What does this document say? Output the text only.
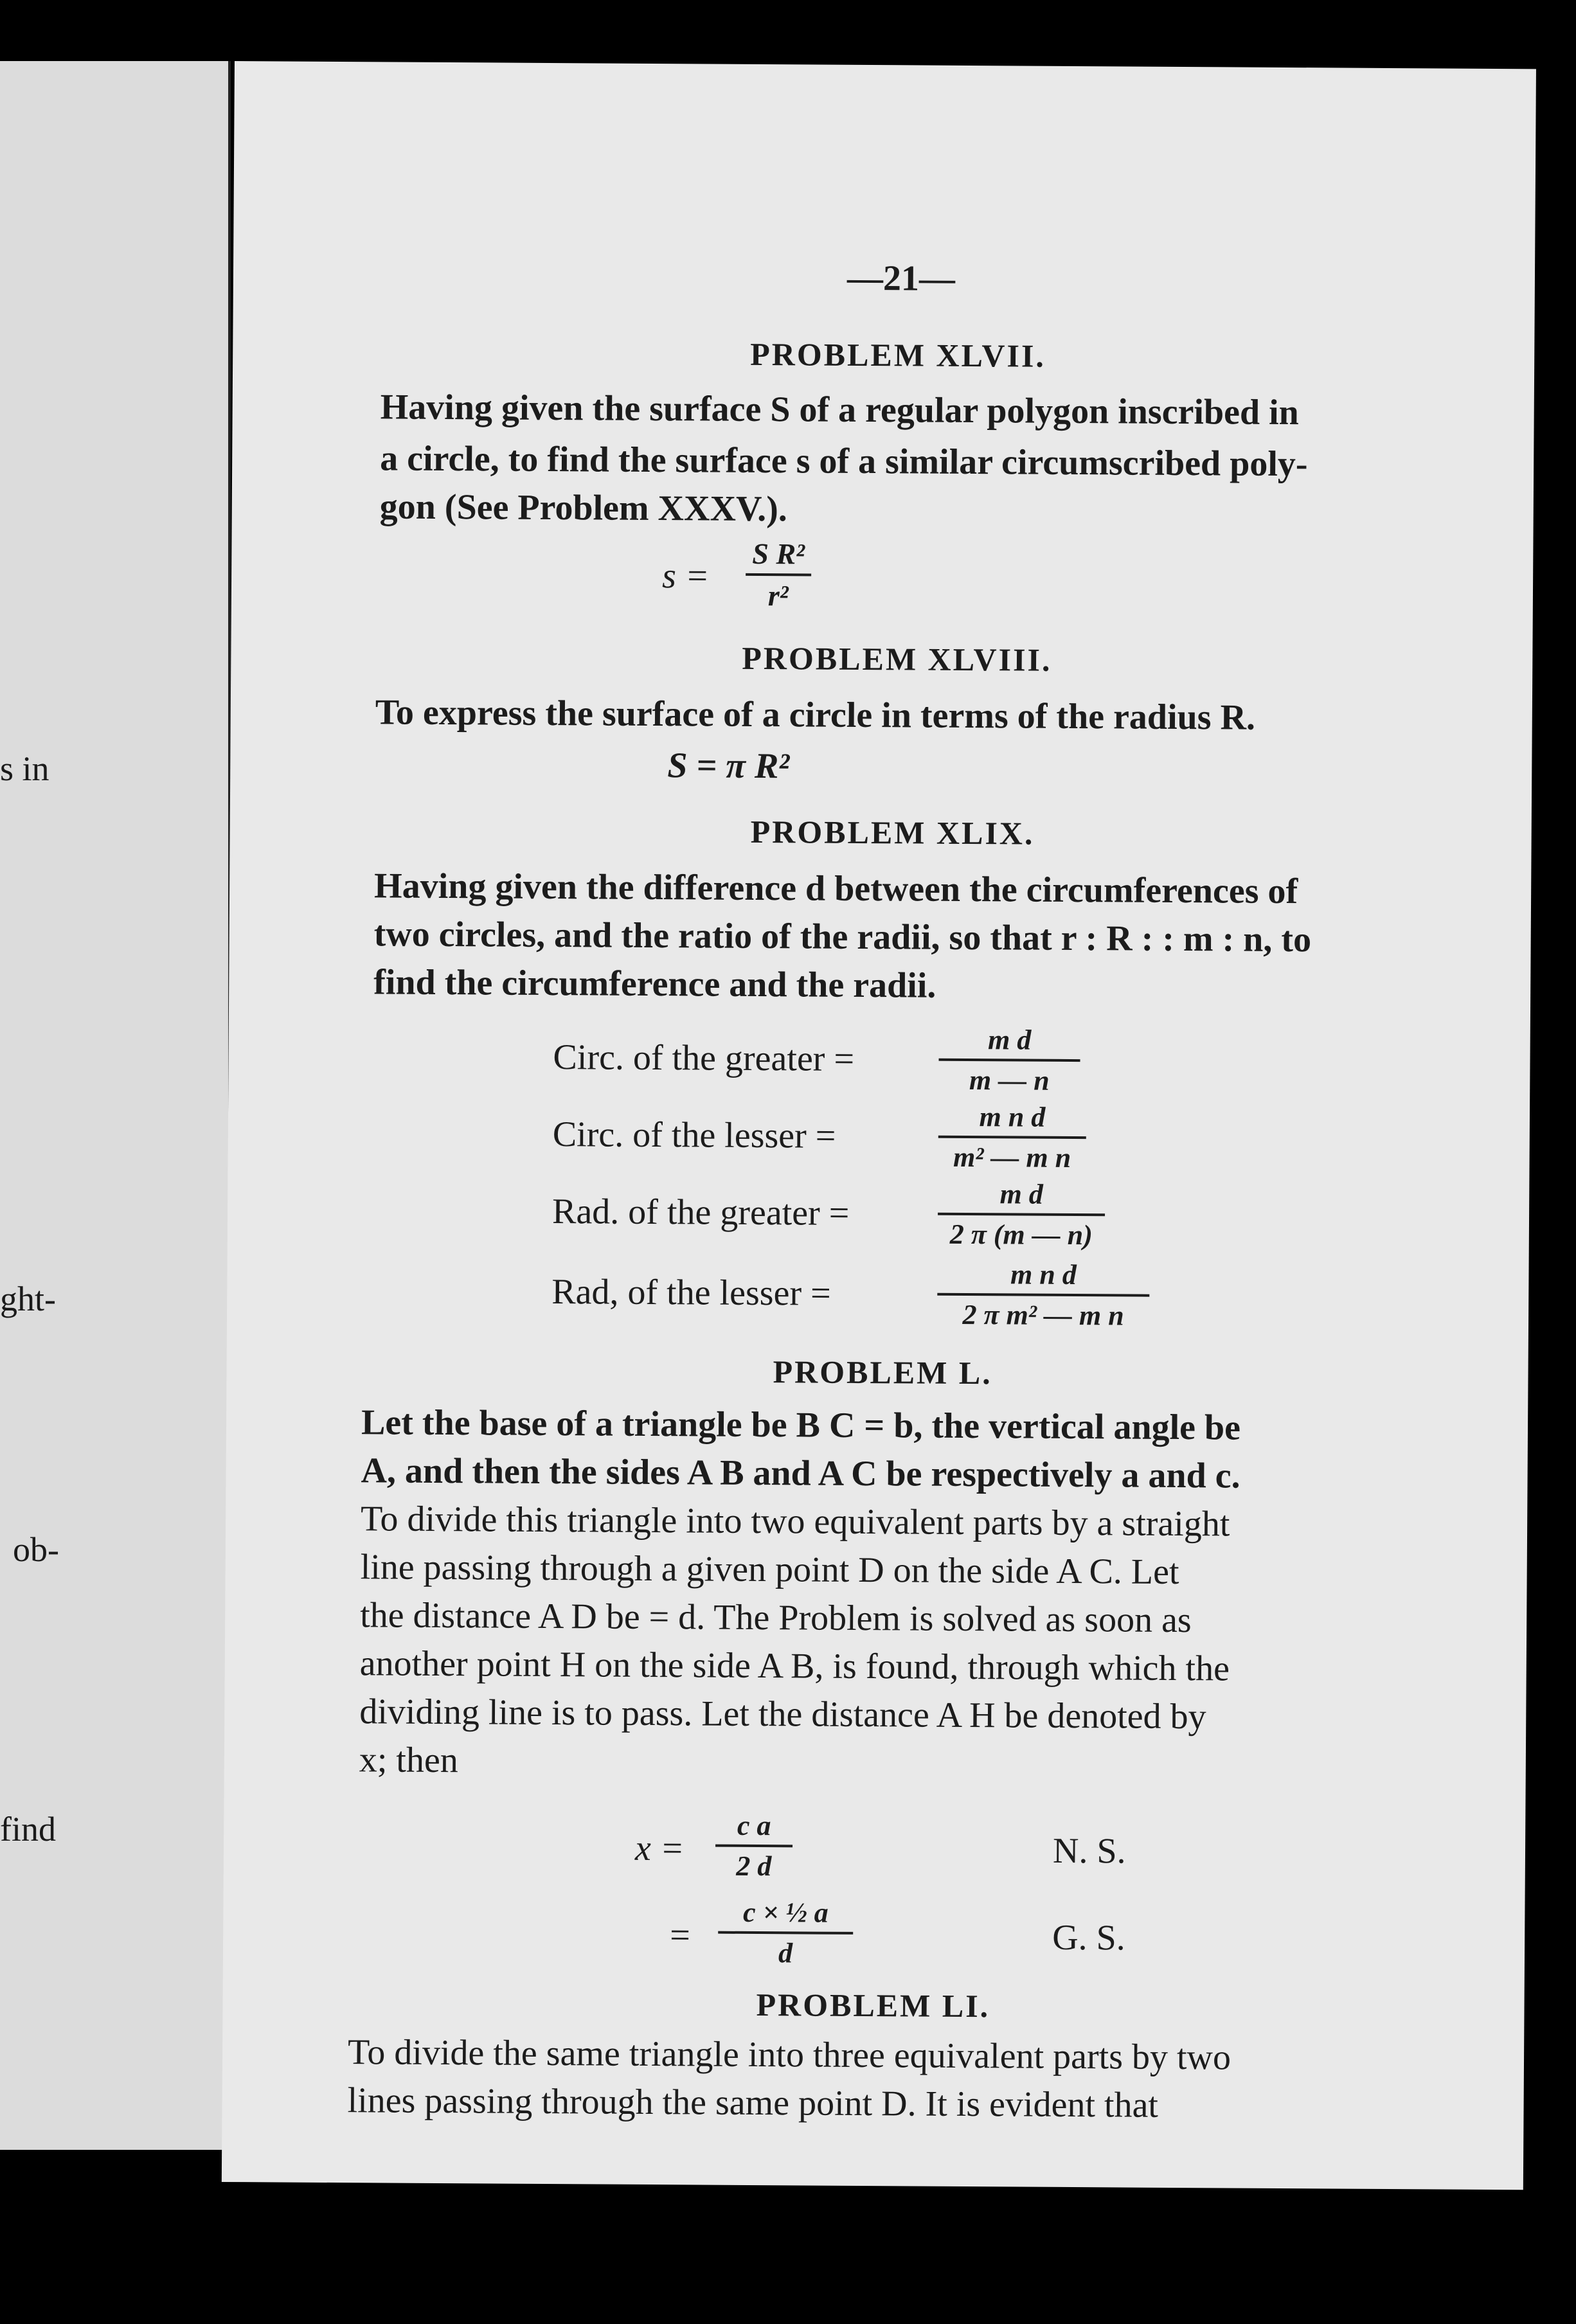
s in
ght-
ob-
find
—21—
PROBLEM XLVII.
Having given the surface S of a regular polygon inscribed in
a circle, to find the surface s of a similar circumscribed poly-
gon (See Problem XXXV.).
$s = \frac{\text{S R²}}{\text{r²}}$
PROBLEM XLVIII.
To express the surface of a circle in terms of the radius R.
S = π R²
PROBLEM XLIX.
Having given the difference d between the circumferences of
two circles, and the ratio of the radii, so that r : R : : m : n, to
find the circumference and the radii.
Circ. of the greater =	$\frac{\text{m d}}{m — n}$
Circ. of the lesser =	$\frac{\text{m n d}}{\text{m² — m n}}$
Rad. of the greater =	$\frac{\text{m d}}{2 \pi (m — n)}$
Rad, of the lesser =	$\frac{\text{m n d}}{\text{2 π m² — m n}}$
PROBLEM L.
Let the base of a triangle be B C = b, the vertical angle be
A, and then the sides A B and A C be respectively a and c.
To divide this triangle into two equivalent parts by a straight
line passing through a given point D on the side A C. Let
the distance A D be = d. The Problem is solved as soon as
another point H on the side A B, is found, through which the
dividing line is to pass. Let the distance A H be denoted by
x; then
$x = \frac{\text{c a}}{2 d}$	N. S.
= $\frac{\text{c × ½ a}}{d}$	G. S.
PROBLEM LI.
To divide the same triangle into three equivalent parts by two
lines passing through the same point D. It is evident that
